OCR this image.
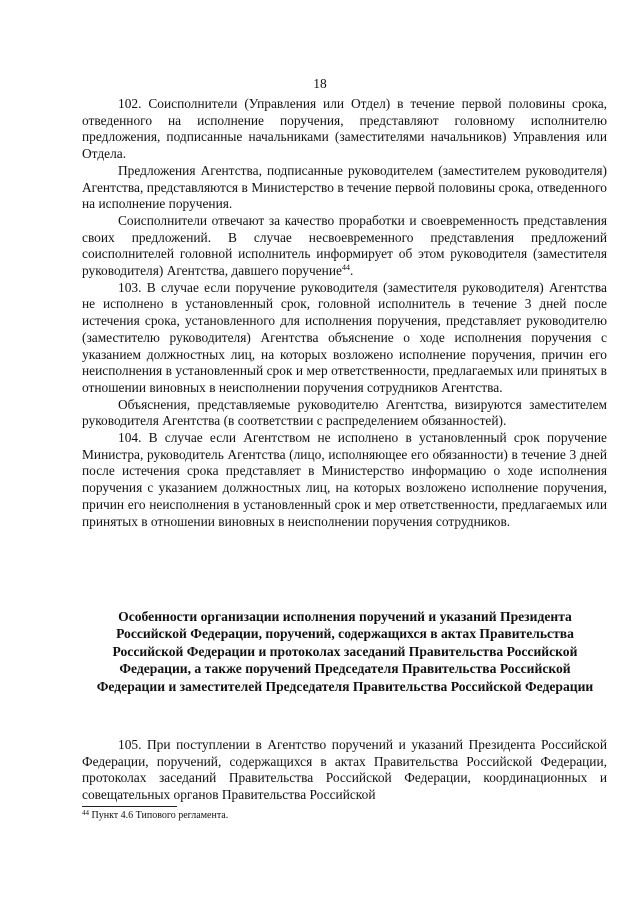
18

102. Соисполнители (Управления или Отдел) в течение первой половины срока, отведенного на исполнение поручения, представляют головному исполнителю предложения, подписанные начальниками (заместителями начальников) Управления или Отдела.

Предложения Агентства, подписанные руководителем (заместителем руководителя) Агентства, представляются в Министерство в течение первой половины срока, отведенного на исполнение поручения.

Соисполнители отвечают за качество проработки и своевременность представления своих предложений. В случае несвоевременного представления предложений соисполнителей головной исполнитель информирует об этом руководителя (заместителя руководителя) Агентства, давшего поручение$^{44}$.

103. В случае если поручение руководителя (заместителя руководителя) Агентства не исполнено в установленный срок, головной исполнитель в течение 3 дней после истечения срока, установленного для исполнения поручения, представляет руководителю (заместителю руководителя) Агентства объяснение о ходе исполнения поручения с указанием должностных лиц, на которых возложено исполнение поручения, причин его неисполнения в установленный срок и мер ответственности, предлагаемых или принятых в отношении виновных в неисполнении поручения сотрудников Агентства.

Объяснения, представляемые руководителю Агентства, визируются заместителем руководителя Агентства (в соответствии с распределением обязанностей).

104. В случае если Агентством не исполнено в установленный срок поручение Министра, руководитель Агентства (лицо, исполняющее его обязанности) в течение 3 дней после истечения срока представляет в Министерство информацию о ходе исполнения поручения с указанием должностных лиц, на которых возложено исполнение поручения, причин его неисполнения в установленный срок и мер ответственности, предлагаемых или принятых в отношении виновных в неисполнении поручения сотрудников.

Особенности организации исполнения поручений и указаний Президента Российской Федерации, поручений, содержащихся в актах Правительства Российской Федерации и протоколах заседаний Правительства Российской Федерации, а также поручений Председателя Правительства Российской Федерации и заместителей Председателя Правительства Российской Федерации

105. При поступлении в Агентство поручений и указаний Президента Российской Федерации, поручений, содержащихся в актах Правительства Российской Федерации, протоколах заседаний Правительства Российской Федерации, координационных и совещательных органов Правительства Российской

$^{44}$ Пункт 4.6 Типового регламента.
